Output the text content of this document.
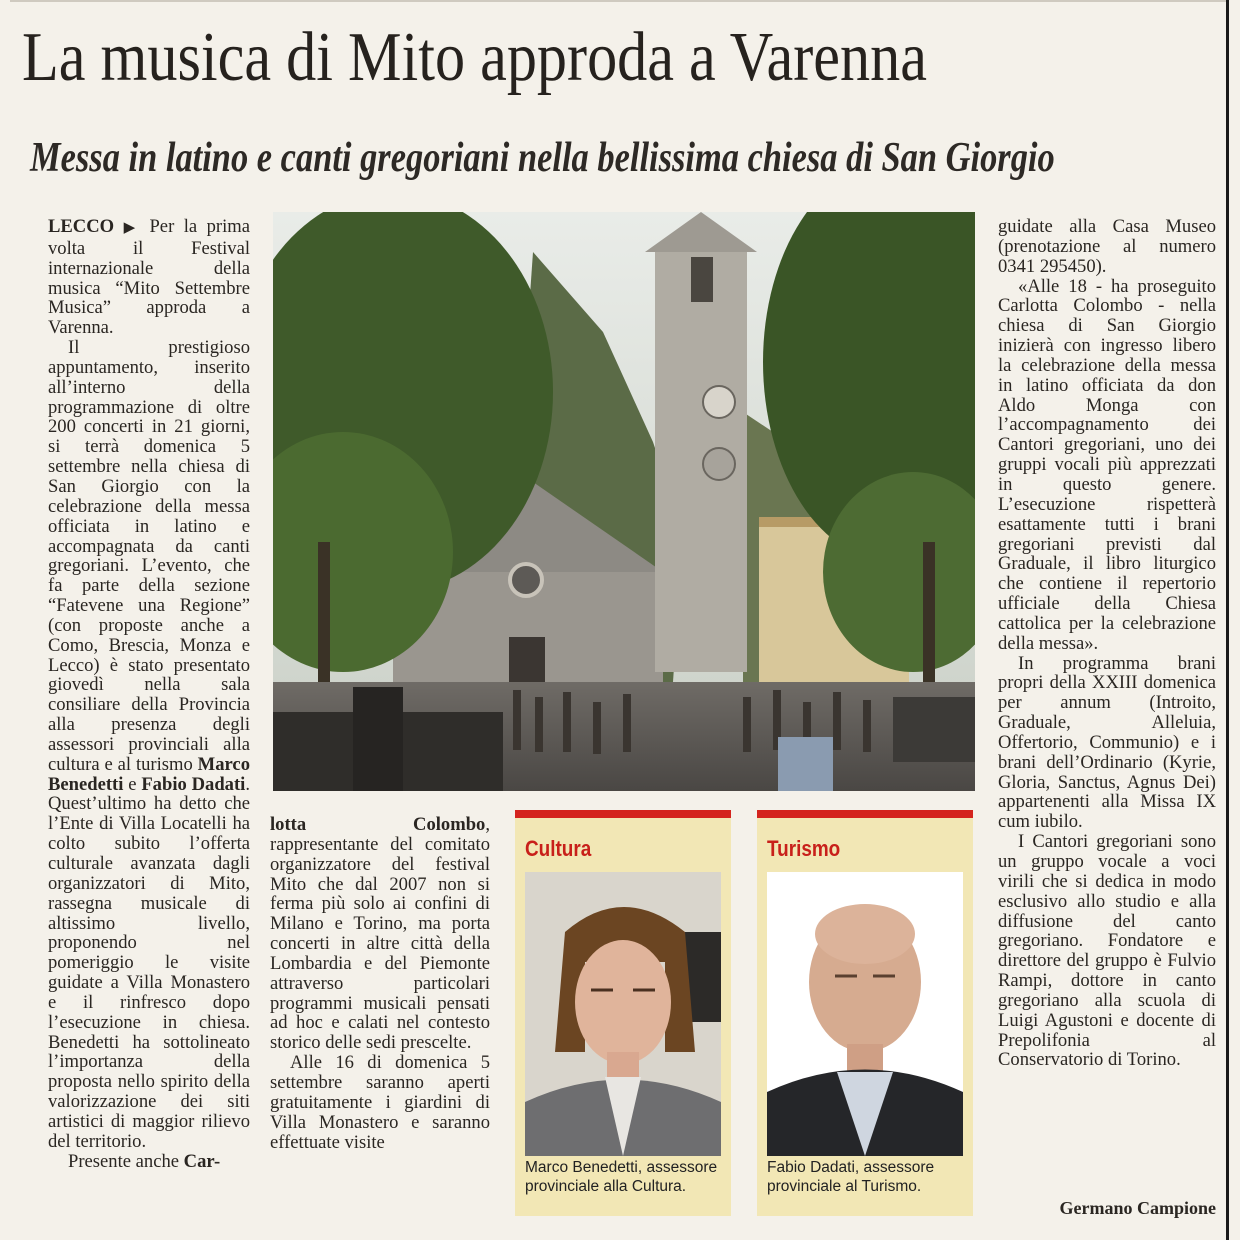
La musica di Mito approda a Varenna
Messa in latino e canti gregoriani nella bellissima chiesa di San Giorgio

LECCO ▶ Per la prima volta il Festival internazionale della musica “Mito Settembre Musica” approda a Varenna.

Il prestigioso appuntamento, inserito all’interno della programmazione di oltre 200 concerti in 21 giorni, si terrà domenica 5 settembre nella chiesa di San Giorgio con la celebrazione della messa officiata in latino e accompagnata da canti gregoriani. L’evento, che fa parte della sezione “Fatevene una Regione” (con proposte anche a Como, Brescia, Monza e Lecco) è stato presentato giovedì nella sala consiliare della Provincia alla presenza degli assessori provinciali alla cultura e al turismo Marco Benedetti e Fabio Dadati. Quest’ultimo ha detto che l’Ente di Villa Locatelli ha colto subito l’offerta culturale avanzata dagli organizzatori di Mito, rassegna musicale di altissimo livello, proponendo nel pomeriggio le visite guidate a Villa Monastero e il rinfresco dopo l’esecuzione in chiesa. Benedetti ha sottolineato l’importanza della proposta nello spirito della valorizzazione dei siti artistici di maggior rilievo del territorio.

Presente anche Car-

lotta Colombo, rappresentante del comitato organizzatore del festival Mito che dal 2007 non si ferma più solo ai confini di Milano e Torino, ma porta concerti in altre città della Lombardia e del Piemonte attraverso particolari programmi musicali pensati ad hoc e calati nel contesto storico delle sedi prescelte.

Alle 16 di domenica 5 settembre saranno aperti gratuitamente i giardini di Villa Monastero e saranno effettuate visite

Cultura
Marco Benedetti, assessore provinciale alla Cultura.
Turismo
Fabio Dadati, assessore provinciale al Turismo.

guidate alla Casa Museo (prenotazione al numero 0341 295450).

«Alle 18 - ha proseguito Carlotta Colombo - nella chiesa di San Giorgio inizierà con ingresso libero la celebrazione della messa in latino officiata da don Aldo Monga con l’accompagnamento dei Cantori gregoriani, uno dei gruppi vocali più apprezzati in questo genere. L’esecuzione rispetterà esattamente tutti i brani gregoriani previsti dal Graduale, il libro liturgico che contiene il repertorio ufficiale della Chiesa cattolica per la celebrazione della messa».

In programma brani propri della XXIII domenica per annum (Introito, Graduale, Alleluia, Offertorio, Communio) e i brani dell’Ordinario (Kyrie, Gloria, Sanctus, Agnus Dei) appartenenti alla Missa IX cum iubilo.

I Cantori gregoriani sono un gruppo vocale a voci virili che si dedica in modo esclusivo allo studio e alla diffusione del canto gregoriano. Fondatore e direttore del gruppo è Fulvio Rampi, dottore in canto gregoriano alla scuola di Luigi Agustoni e docente di Prepolifonia al Conservatorio di Torino.

Germano Campione
